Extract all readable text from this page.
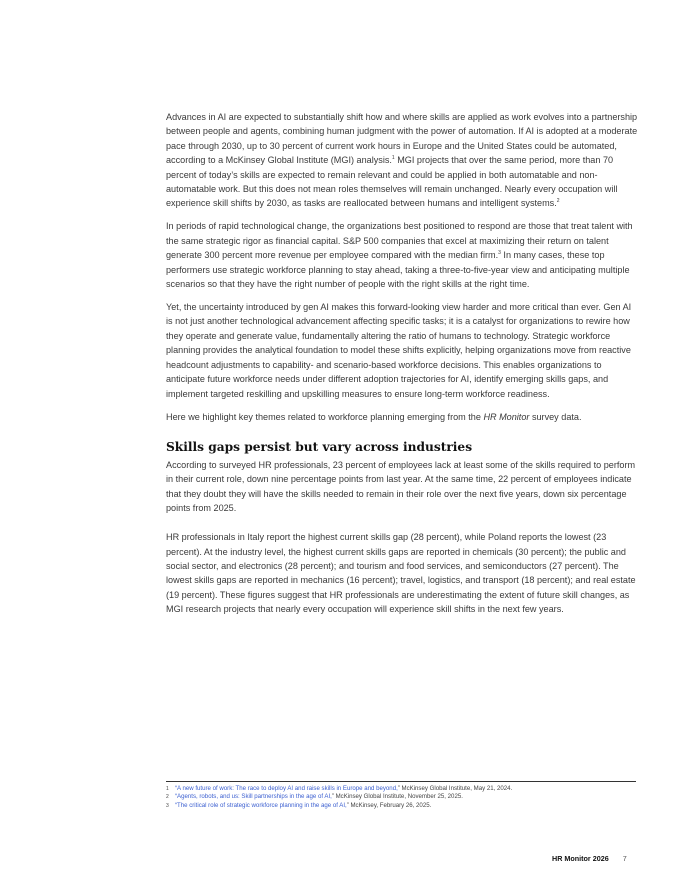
Advances in AI are expected to substantially shift how and where skills are applied as work evolves into a partnership between people and agents, combining human judgment with the power of automation. If AI is adopted at a moderate pace through 2030, up to 30 percent of current work hours in Europe and the United States could be automated, according to a McKinsey Global Institute (MGI) analysis.$^1$ MGI projects that over the same period, more than 70 percent of today’s skills are expected to remain relevant and could be applied in both automatable and non-automatable work. But this does not mean roles themselves will remain unchanged. Nearly every occupation will experience skill shifts by 2030, as tasks are reallocated between humans and intelligent systems.$^2$

In periods of rapid technological change, the organizations best positioned to respond are those that treat talent with the same strategic rigor as financial capital. S&P 500 companies that excel at maximizing their return on talent generate 300 percent more revenue per employee compared with the median firm.$^3$ In many cases, these top performers use strategic workforce planning to stay ahead, taking a three-to-five-year view and anticipating multiple scenarios so that they have the right number of people with the right skills at the right time.

Yet, the uncertainty introduced by gen AI makes this forward-looking view harder and more critical than ever. Gen AI is not just another technological advancement affecting specific tasks; it is a catalyst for organizations to rewire how they operate and generate value, fundamentally altering the ratio of humans to technology. Strategic workforce planning provides the analytical foundation to model these shifts explicitly, helping organizations move from reactive headcount adjustments to capability- and scenario-based workforce decisions. This enables organizations to anticipate future workforce needs under different adoption trajectories for AI, identify emerging skills gaps, and implement targeted reskilling and upskilling measures to ensure long-term workforce readiness.

Here we highlight key themes related to workforce planning emerging from the HR Monitor survey data.

Skills gaps persist but vary across industries

According to surveyed HR professionals, 23 percent of employees lack at least some of the skills required to perform in their current role, down nine percentage points from last year. At the same time, 22 percent of employees indicate that they doubt they will have the skills needed to remain in their role over the next five years, down six percentage points from 2025.

HR professionals in Italy report the highest current skills gap (28 percent), while Poland reports the lowest (23 percent). At the industry level, the highest current skills gaps are reported in chemicals (30 percent); the public and social sector, and electronics (28 percent); and tourism and food services, and semiconductors (27 percent). The lowest skills gaps are reported in mechanics (16 percent); travel, logistics, and transport (18 percent); and real estate (19 percent). These figures suggest that HR professionals are underestimating the extent of future skill changes, as MGI research projects that nearly every occupation will experience skill shifts in the next few years.

1 “A new future of work: The race to deploy AI and raise skills in Europe and beyond,” McKinsey Global Institute, May 21, 2024.
2 “Agents, robots, and us: Skill partnerships in the age of AI,” McKinsey Global Institute, November 25, 2025.
3 “The critical role of strategic workforce planning in the age of AI,” McKinsey, February 26, 2025.
HR Monitor 2026 7
